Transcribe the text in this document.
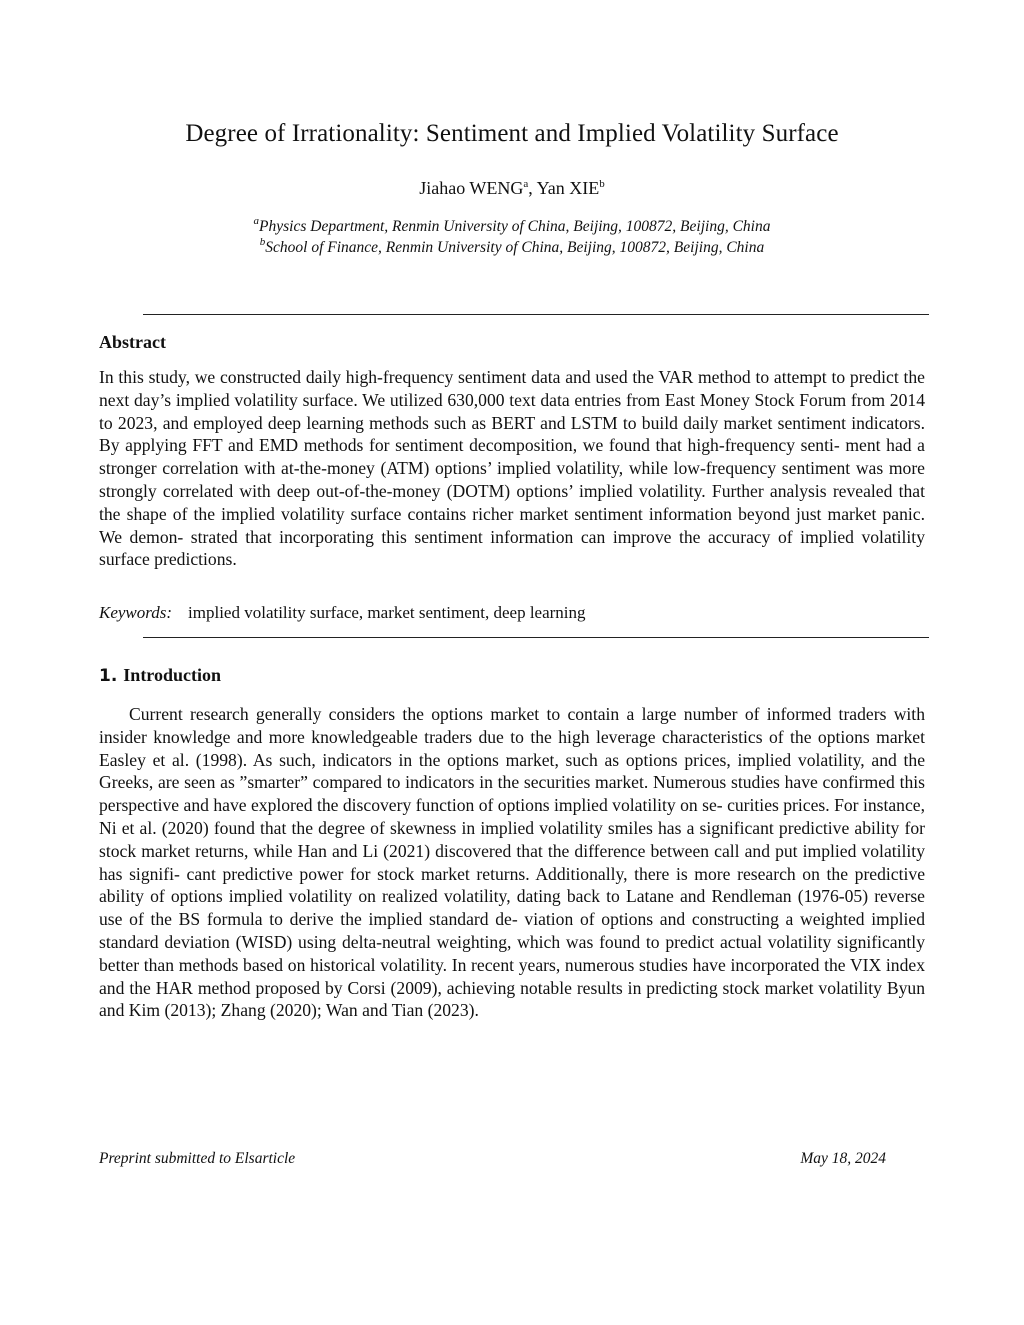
Degree of Irrationality: Sentiment and Implied Volatility Surface
Jiahao WENG$^a$, Yan XIE$^b$
$^a$Physics Department, Renmin University of China, Beijing, 100872, Beijing, China
$^b$School of Finance, Renmin University of China, Beijing, 100872, Beijing, China
Abstract
In this study, we constructed daily high-frequency sentiment data and used the VAR method to attempt to predict the next day’s implied volatility surface. We utilized 630,000 text data entries from East Money Stock Forum from 2014 to 2023, and employed deep learning methods such as BERT and LSTM to build daily market sentiment indicators. By applying FFT and EMD methods for sentiment decomposition, we found that high-frequency senti- ment had a stronger correlation with at-the-money (ATM) options’ implied volatility, while low-frequency sentiment was more strongly correlated with deep out-of-the-money (DOTM) options’ implied volatility. Further analysis revealed that the shape of the implied volatility surface contains richer market sentiment information beyond just market panic. We demon- strated that incorporating this sentiment information can improve the accuracy of implied volatility surface predictions.
Keywords: implied volatility surface, market sentiment, deep learning
1. Introduction
Current research generally considers the options market to contain a large number of informed traders with insider knowledge and more knowledgeable traders due to the high leverage characteristics of the options market Easley et al. (1998). As such, indicators in the options market, such as options prices, implied volatility, and the Greeks, are seen as ”smarter” compared to indicators in the securities market. Numerous studies have confirmed this perspective and have explored the discovery function of options implied volatility on se- curities prices. For instance, Ni et al. (2020) found that the degree of skewness in implied volatility smiles has a significant predictive ability for stock market returns, while Han and Li (2021) discovered that the difference between call and put implied volatility has signifi- cant predictive power for stock market returns. Additionally, there is more research on the predictive ability of options implied volatility on realized volatility, dating back to Latane and Rendleman (1976-05) reverse use of the BS formula to derive the implied standard de- viation of options and constructing a weighted implied standard deviation (WISD) using delta-neutral weighting, which was found to predict actual volatility significantly better than methods based on historical volatility. In recent years, numerous studies have incorporated the VIX index and the HAR method proposed by Corsi (2009), achieving notable results in predicting stock market volatility Byun and Kim (2013); Zhang (2020); Wan and Tian (2023).
Preprint submitted to Elsarticle	May 18, 2024
